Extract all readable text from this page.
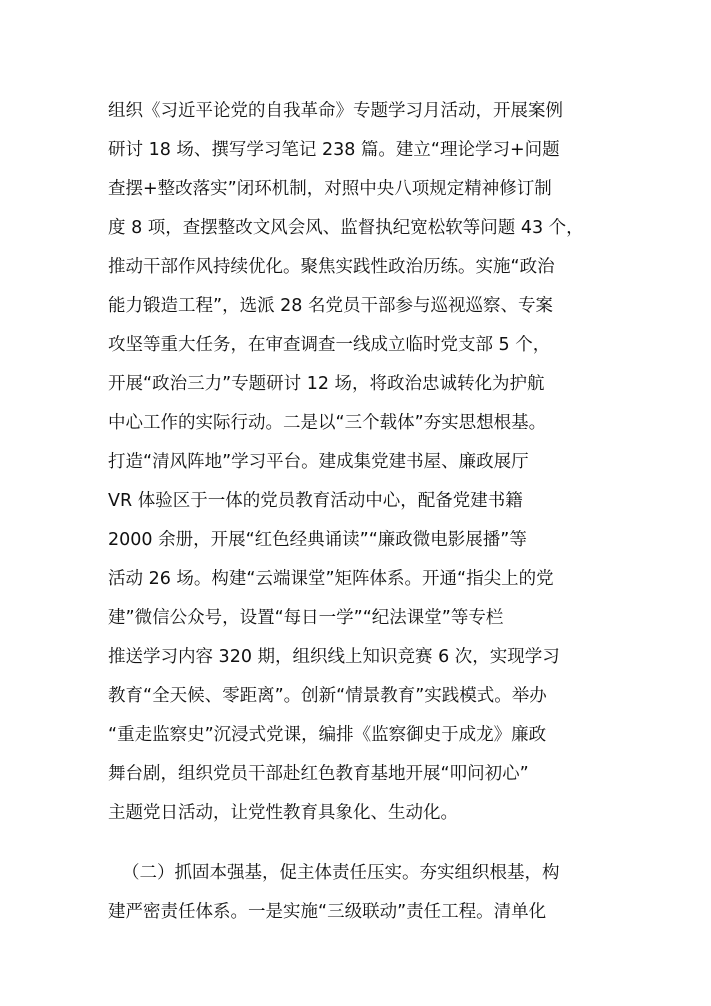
组织《习近平论党的自我革命》专题学习月活动，开展案例
研讨 18 场、撰写学习笔记 238 篇。建立“理论学习+问题
查摆+整改落实”闭环机制，对照中央八项规定精神修订制
度 8 项，查摆整改文风会风、监督执纪宽松软等问题 43 个，
推动干部作风持续优化。聚焦实践性政治历练。实施“政治
能力锻造工程”，选派 28 名党员干部参与巡视巡察、专案
攻坚等重大任务，在审查调查一线成立临时党支部 5 个，
开展“政治三力”专题研讨 12 场，将政治忠诚转化为护航
中心工作的实际行动。二是以“三个载体”夯实思想根基。
打造“清风阵地”学习平台。建成集党建书屋、廉政展厅
VR 体验区于一体的党员教育活动中心，配备党建书籍
2000 余册，开展“红色经典诵读”“廉政微电影展播”等
活动 26 场。构建“云端课堂”矩阵体系。开通“指尖上的党
建”微信公众号，设置“每日一学”“纪法课堂”等专栏
推送学习内容 320 期，组织线上知识竞赛 6 次，实现学习
教育“全天候、零距离”。创新“情景教育”实践模式。举办
“重走监察史”沉浸式党课，编排《监察御史于成龙》廉政
舞台剧，组织党员干部赴红色教育基地开展“叩问初心”
主题党日活动，让党性教育具象化、生动化。
（二）抓固本强基，促主体责任压实。夯实组织根基，构
建严密责任体系。一是实施“三级联动”责任工程。清单化
